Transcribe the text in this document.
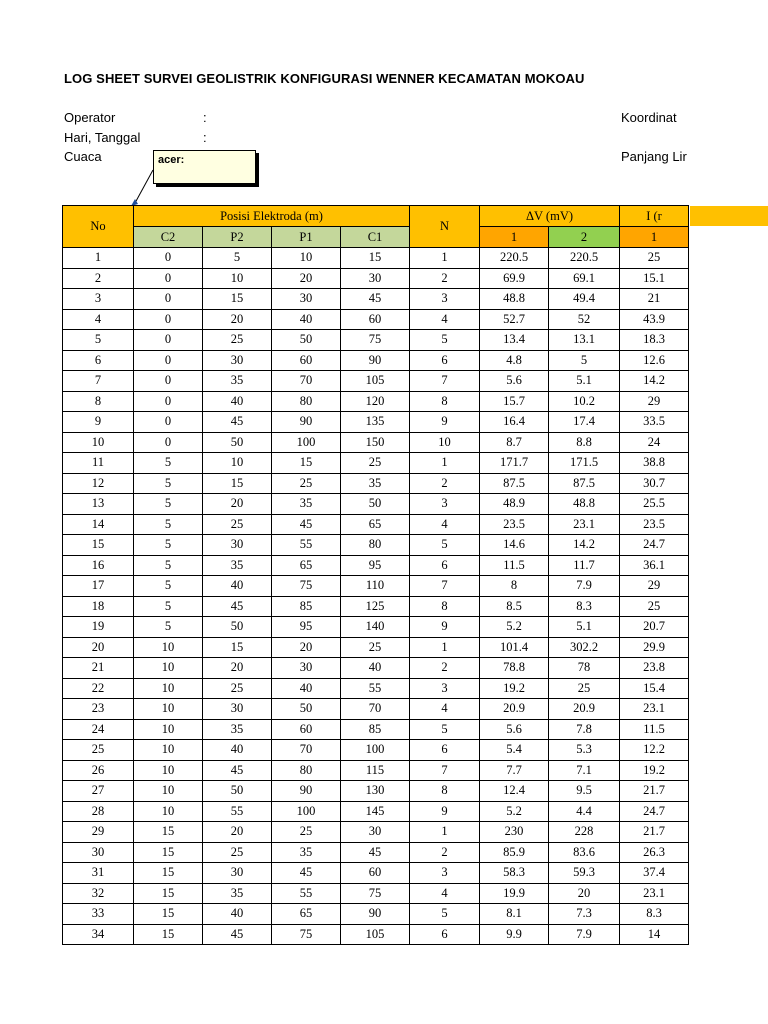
LOG SHEET SURVEI GEOLISTRIK KONFIGURASI WENNER KECAMATAN MOKOAU
Operator	:
Hari, Tanggal	:
Cuaca
Koordinat
Panjang Lir
acer:
No	Posisi Elektroda (m)				N	ΔV (mV)		I (r
	C2	P2	P1	C1		1	2	1
1	0	5	10	15	1	220.5	220.5	25
2	0	10	20	30	2	69.9	69.1	15.1
3	0	15	30	45	3	48.8	49.4	21
4	0	20	40	60	4	52.7	52	43.9
5	0	25	50	75	5	13.4	13.1	18.3
6	0	30	60	90	6	4.8	5	12.6
7	0	35	70	105	7	5.6	5.1	14.2
8	0	40	80	120	8	15.7	10.2	29
9	0	45	90	135	9	16.4	17.4	33.5
10	0	50	100	150	10	8.7	8.8	24
11	5	10	15	25	1	171.7	171.5	38.8
12	5	15	25	35	2	87.5	87.5	30.7
13	5	20	35	50	3	48.9	48.8	25.5
14	5	25	45	65	4	23.5	23.1	23.5
15	5	30	55	80	5	14.6	14.2	24.7
16	5	35	65	95	6	11.5	11.7	36.1
17	5	40	75	110	7	8	7.9	29
18	5	45	85	125	8	8.5	8.3	25
19	5	50	95	140	9	5.2	5.1	20.7
20	10	15	20	25	1	101.4	302.2	29.9
21	10	20	30	40	2	78.8	78	23.8
22	10	25	40	55	3	19.2	25	15.4
23	10	30	50	70	4	20.9	20.9	23.1
24	10	35	60	85	5	5.6	7.8	11.5
25	10	40	70	100	6	5.4	5.3	12.2
26	10	45	80	115	7	7.7	7.1	19.2
27	10	50	90	130	8	12.4	9.5	21.7
28	10	55	100	145	9	5.2	4.4	24.7
29	15	20	25	30	1	230	228	21.7
30	15	25	35	45	2	85.9	83.6	26.3
31	15	30	45	60	3	58.3	59.3	37.4
32	15	35	55	75	4	19.9	20	23.1
33	15	40	65	90	5	8.1	7.3	8.3
34	15	45	75	105	6	9.9	7.9	14
